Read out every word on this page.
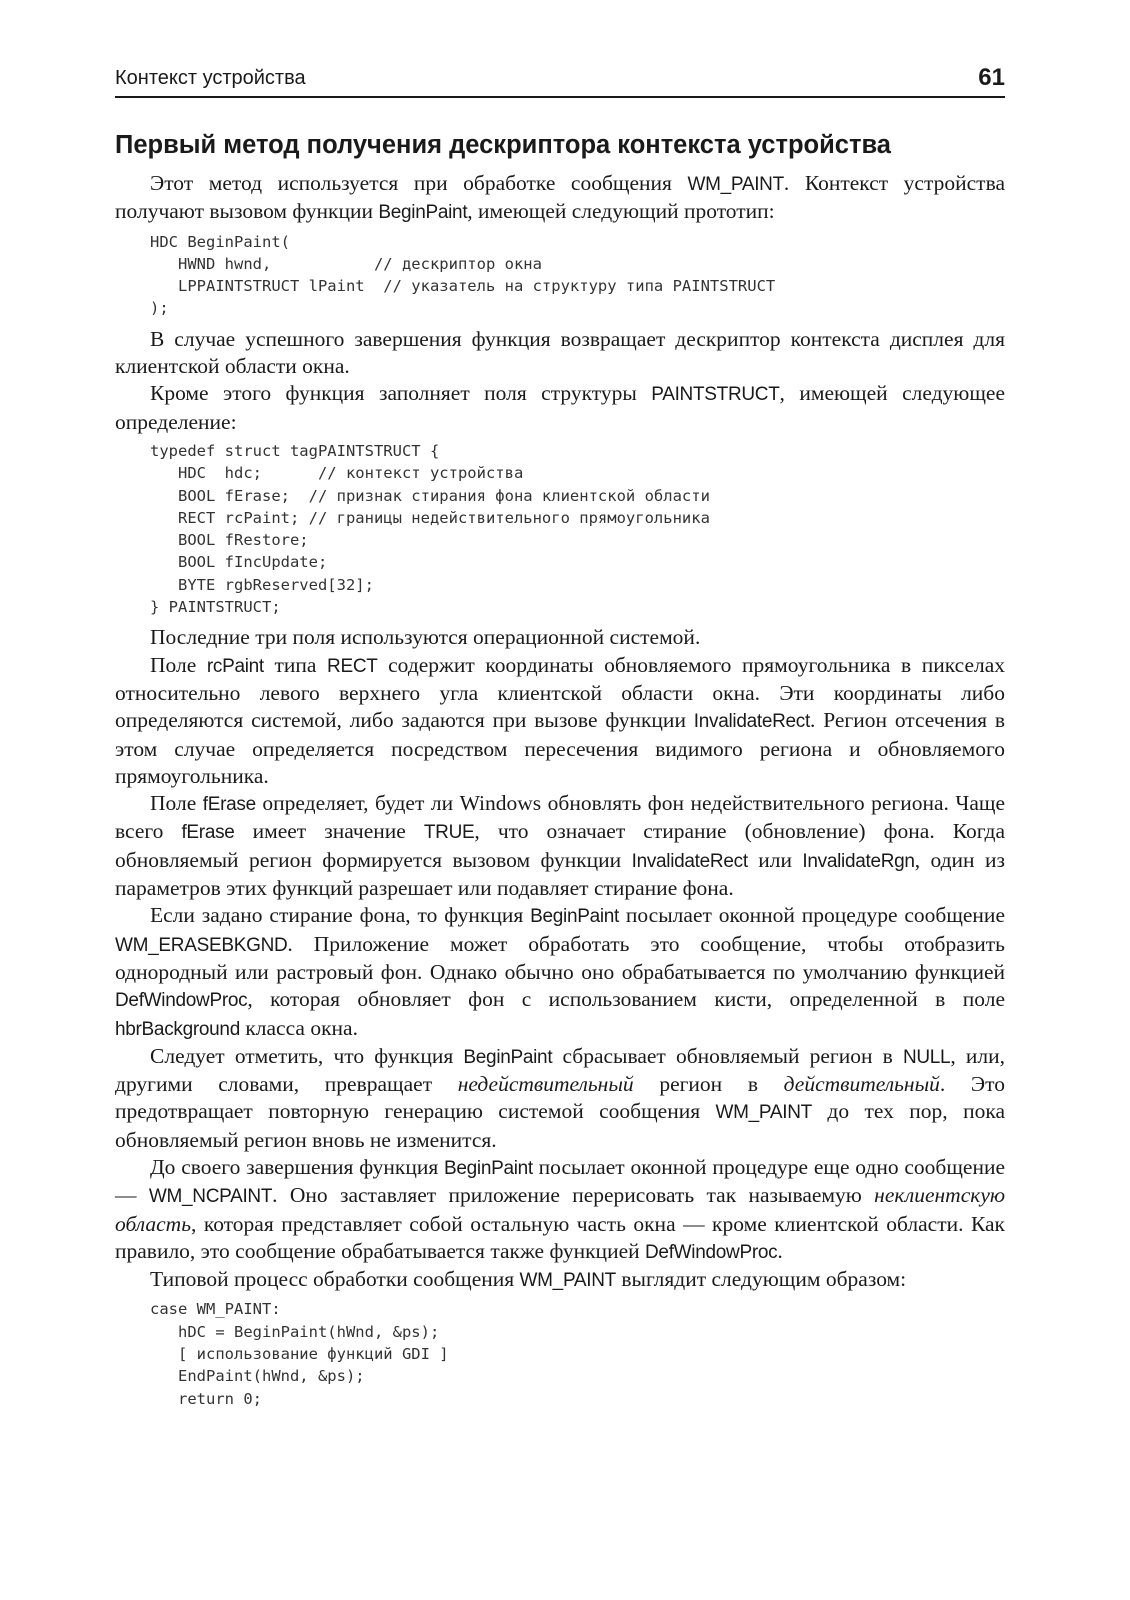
Контекст устройства	61
Первый метод получения дескриптора контекста устройства

Этот метод используется при обработке сообщения WM_PAINT. Контекст устройства получают вызовом функции BeginPaint, имеющей следующий прототип:

HDC BeginPaint(
HWND hwnd,           // дескриптор окна
LPPAINTSTRUCT lPaint  // указатель на структуру типа PAINTSTRUCT
);

В случае успешного завершения функция возвращает дескриптор контекста дисплея для клиентской области окна.

Кроме этого функция заполняет поля структуры PAINTSTRUCT, имеющей следующее определение:

typedef struct tagPAINTSTRUCT {
HDC  hdc;      // контекст устройства
BOOL fErase;  // признак стирания фона клиентской области
RECT rcPaint; // границы недействительного прямоугольника
BOOL fRestore;
BOOL fIncUpdate;
BYTE rgbReserved[32];
} PAINTSTRUCT;

Последние три поля используются операционной системой.

Поле rcPaint типа RECT содержит координаты обновляемого прямоугольника в пикселах относительно левого верхнего угла клиентской области окна. Эти координаты либо определяются системой, либо задаются при вызове функции InvalidateRect. Регион отсечения в этом случае определяется посредством пересечения видимого региона и обновляемого прямоугольника.

Поле fErase определяет, будет ли Windows обновлять фон недействительного региона. Чаще всего fErase имеет значение TRUE, что означает стирание (обновление) фона. Когда обновляемый регион формируется вызовом функции InvalidateRect или InvalidateRgn, один из параметров этих функций разрешает или подавляет стирание фона.

Если задано стирание фона, то функция BeginPaint посылает оконной процедуре сообщение WM_ERASEBKGND. Приложение может обработать это сообщение, чтобы отобразить однородный или растровый фон. Однако обычно оно обрабатывается по умолчанию функцией DefWindowProc, которая обновляет фон с использованием кисти, определенной в поле hbrBackground класса окна.

Следует отметить, что функция BeginPaint сбрасывает обновляемый регион в NULL, или, другими словами, превращает недействительный регион в действительный. Это предотвращает повторную генерацию системой сообщения WM_PAINT до тех пор, пока обновляемый регион вновь не изменится.

До своего завершения функция BeginPaint посылает оконной процедуре еще одно сообщение — WM_NCPAINT. Оно заставляет приложение перерисовать так называемую неклиентскую область, которая представляет собой остальную часть окна — кроме клиентской области. Как правило, это сообщение обрабатывается также функцией DefWindowProc.

Типовой процесс обработки сообщения WM_PAINT выглядит следующим образом:

case WM_PAINT:
hDC = BeginPaint(hWnd, &ps);
[ использование функций GDI ]
EndPaint(hWnd, &ps);
return 0;
